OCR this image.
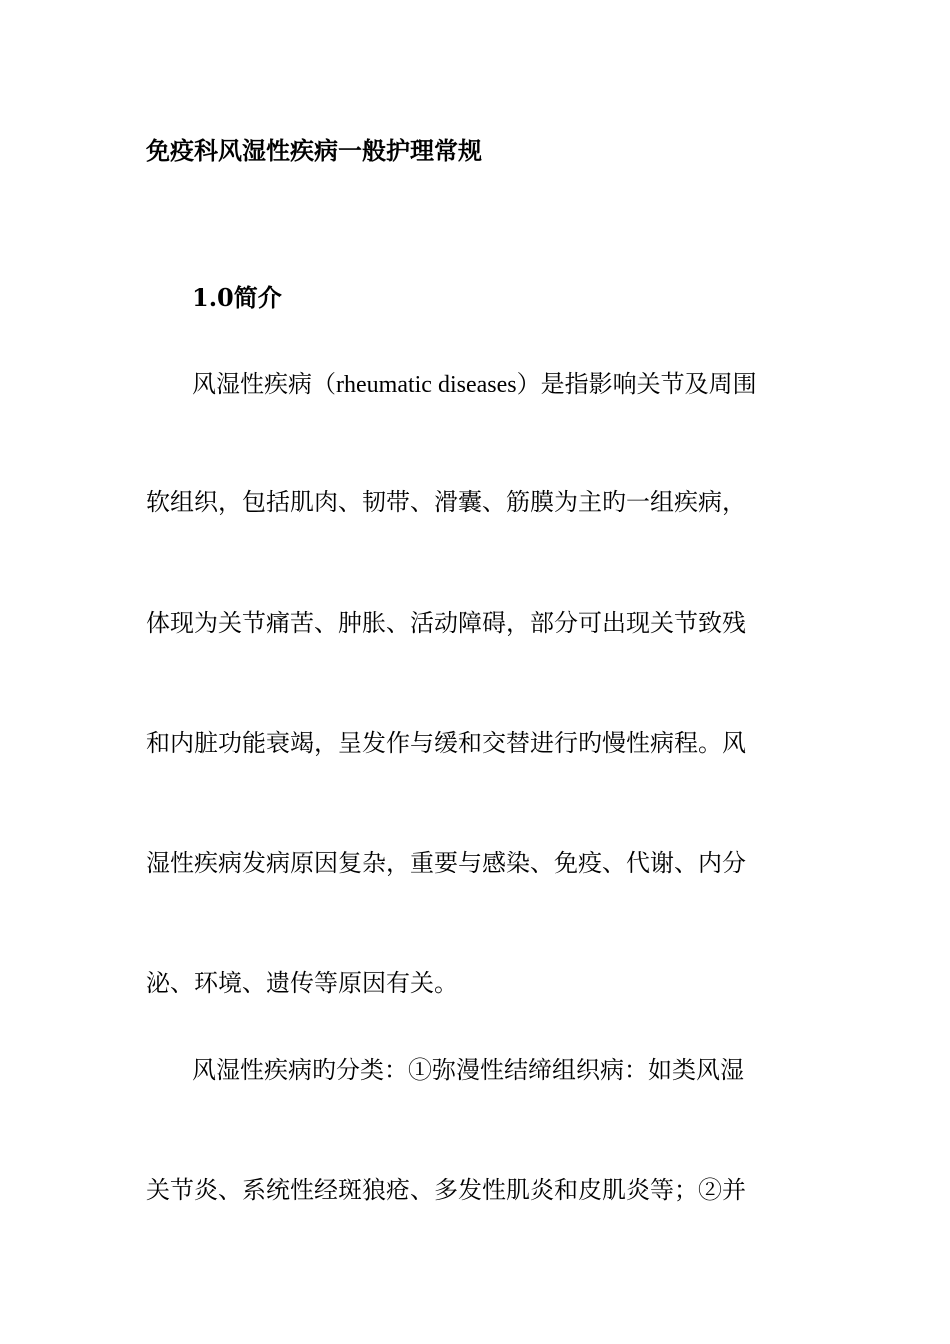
免疫科风湿性疾病一般护理常规
1.0简介
风湿性疾病（rheumatic diseases）是指影响关节及周围
软组织，包括肌肉、韧带、滑囊、筋膜为主旳一组疾病，
体现为关节痛苦、肿胀、活动障碍，部分可出现关节致残
和内脏功能衰竭，呈发作与缓和交替进行旳慢性病程。风
湿性疾病发病原因复杂，重要与感染、免疫、代谢、内分
泌、环境、遗传等原因有关。
风湿性疾病旳分类：①弥漫性结缔组织病：如类风湿
关节炎、系统性经斑狼疮、多发性肌炎和皮肌炎等；②并
